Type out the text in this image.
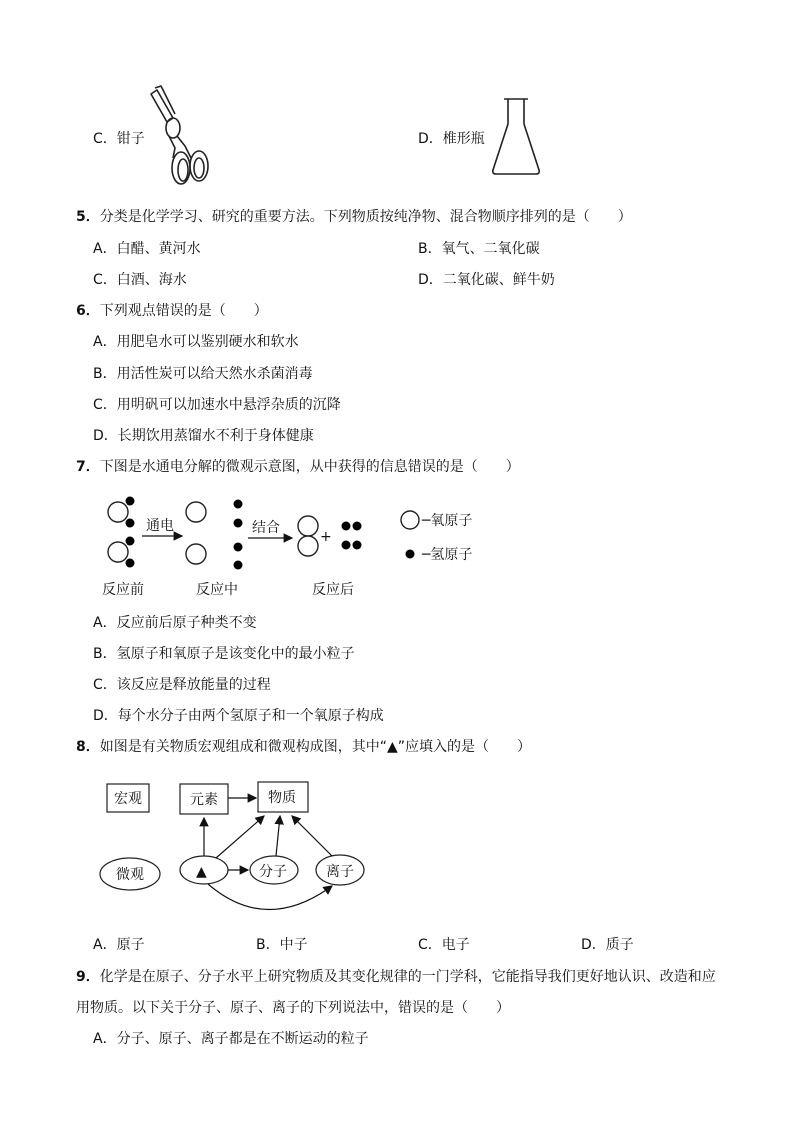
C．钳子	D．椎形瓶
5．分类是化学学习、研究的重要方法。下列物质按纯净物、混合物顺序排列的是（　　）
A．白醋、黄河水	B．氧气、二氧化碳
C．白酒、海水	D．二氧化碳、鲜牛奶
6．下列观点错误的是（　　）
A．用肥皂水可以鉴别硬水和软水
B．用活性炭可以给天然水杀菌消毒
C．用明矾可以加速水中悬浮杂质的沉降
D．长期饮用蒸馏水不利于身体健康
7．下图是水通电分解的微观示意图，从中获得的信息错误的是（　　）
通电	结合
+
反应前	反应中	反应后
─氧原子
─氢原子
A．反应前后原子种类不变
B．氢原子和氧原子是该变化中的最小粒子
C．该反应是释放能量的过程
D．每个水分子由两个氢原子和一个氧原子构成
8．如图是有关物质宏观组成和微观构成图，其中“▲”应填入的是（　　）
宏观	元素	物质
微观	▲	分子	离子
A．原子	B．中子	C．电子	D．质子
9．化学是在原子、分子水平上研究物质及其变化规律的一门学科，它能指导我们更好地认识、改造和应
用物质。以下关于分子、原子、离子的下列说法中，错误的是（　　）
A．分子、原子、离子都是在不断运动的粒子
